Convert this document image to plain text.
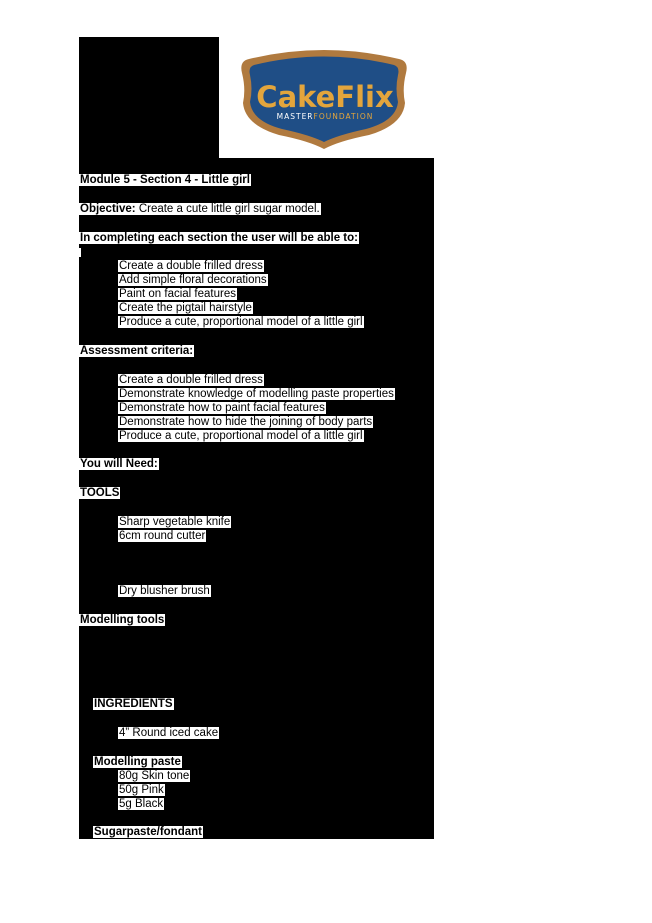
CakeFlix
MASTERFOUNDATION
Module 5 - Section 4 - Little girl
Objective: Create a cute little girl sugar model.
In completing each section the user will be able to:
Create a double frilled dress
Add simple floral decorations
Paint on facial features
Create the pigtail hairstyle
Produce a cute, proportional model of a little girl
Assessment criteria:
Create a double frilled dress
Demonstrate knowledge of modelling paste properties
Demonstrate how to paint facial features
Demonstrate how to hide the joining of body parts
Produce a cute, proportional model of a little girl
You will Need:
TOOLS
Sharp vegetable knife
6cm round cutter
Dry blusher brush
Modelling tools
INGREDIENTS
4” Round iced cake
Modelling paste
80g Skin tone
50g Pink
5g Black
Sugarpaste/fondant
